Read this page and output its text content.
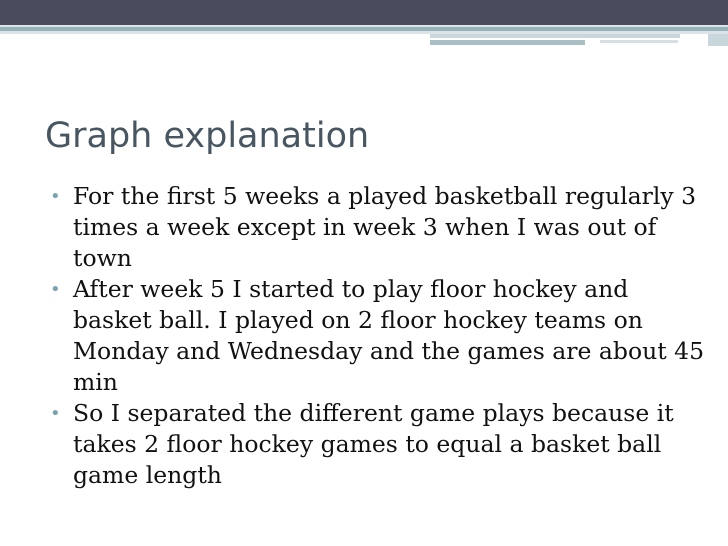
Graph explanation
• For the first 5 weeks a played basketball regularly 3 times a week except in week 3 when I was out of town
• After week 5 I started to play floor hockey and basket ball. I played on 2 floor hockey teams on Monday and Wednesday and the games are about 45 min
• So I separated the different game plays because it takes 2 floor hockey games to equal a basket ball game length
